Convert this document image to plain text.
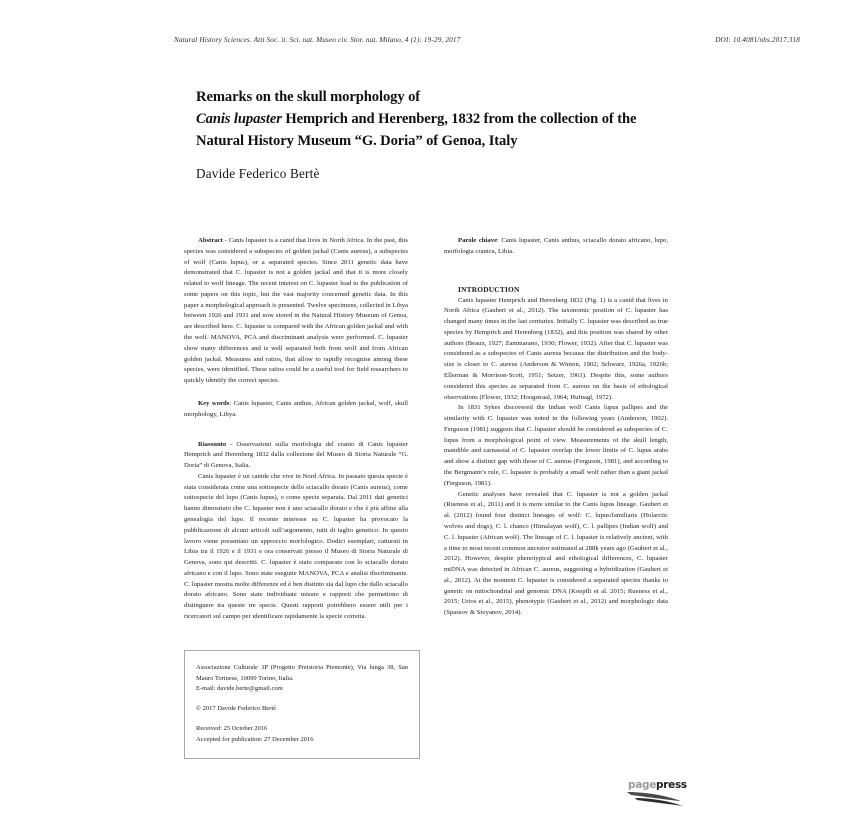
Natural History Sciences. Atti Soc. it. Sci. nat. Museo civ. Stor. nat. Milano, 4 (1): 19-29, 2017	DOI: 10.4081/nhs.2017.318
Remarks on the skull morphology of
Canis lupaster Hemprich and Herenberg, 1832 from the collection of the
Natural History Museum “G. Doria” of Genoa, Italy
Davide Federico Bertè

Abstract - Canis lupaster is a canid that lives in North Africa. In the past, this species was considered a subspecies of golden jackal (Canis aureus), a subspecies of wolf (Canis lupus), or a separated species. Since 2011 genetic data have demonstrated that C. lupaster is not a golden jackal and that it is more closely related to wolf lineage. The recent interest on C. lupaster lead to the publication of some papers on this topic, but the vast majority concerned genetic data. In this paper a morphological approach is presented. Twelve specimens, collected in Libya between 1926 and 1931 and now stored in the Natural History Museum of Genoa, are described here. C. lupaster is compared with the African golden jackal and with the wolf. MANOVA, PCA and discriminant analysis were performed. C. lupaster show many differences and is well separated both from wolf and from African golden jackal. Measures and ratios, that allow to rapidly recognise among these species, were identified. These ratios could be a useful tool for field researchers to quickly identify the correct species.

Key words: Canis lupaster, Canis anthus, African golden jackal, wolf, skull morphology, Libya.

Riassunto - Osservazioni sulla morfologia del cranio di Canis lupaster Hemprich and Herenberg 1832 dalla collezione del Museo di Storia Naturale “G. Doria” di Genova, Italia.

Canis lupaster è un canide che vive in Nord Africa. In passato questa specie è stata considerata come una sottospecie dello sciacallo dorato (Canis aureus), come sottospecie del lupo (Canis lupus), o come specie separata. Dal 2011 dati genetici hanno dimostrato che C. lupaster non è uno sciacallo dorato e che è più affine alla genealogia del lupo. Il recente interesse su C. lupaster ha provocato la pubblicazione di alcuni articoli sull’argomento, tutti di taglio genetico. In questo lavoro viene presentato un approccio morfologico. Dodici esemplari, catturati in Libia tra il 1926 e il 1931 e ora conservati presso il Museo di Storia Naturale di Genova, sono qui descritti. C. lupaster è stato comparato con lo sciacallo dorato africano e con il lupo. Sono state eseguite MANOVA, PCA e analisi discriminante. C. lupaster mostra molte differenze ed è ben distinto sia dal lupo che dallo sciacallo dorato africano. Sono state individuate misure e rapporti che permettono di distinguere tra queste tre specie. Questi rapporti potrebbero essere utili per i ricercatori sul campo per identificare rapidamente la specie corretta.

Parole chiave: Canis lupaster, Canis anthus, sciacallo dorato africano, lupo, morfologia cranica, Libia.

INTRODUCTION

Canis lupaster Hemprich and Herenberg 1832 (Fig. 1) is a canid that lives in North Africa (Gaubert et al., 2012). The taxonomic position of C. lupaster has changed many times in the last centuries. Initially C. lupaster was described as true species by Hemprich and Herenberg (1832), and this position was shared by other authors (Beaux, 1927; Zammarano, 1930; Flower, 1932). After that C. lupaster was considered as a subspecies of Canis aureus because the distribution and the body-size is closer to C. aureus (Anderson & Winton, 1902; Schwarz, 1926a, 1926b; Ellerman & Morrison-Scott, 1951; Setzer, 1961). Despite this, some authors considered this species as separated from C. aureus on the basis of ethological observations (Flower, 1932; Hoogstraal, 1964; Hufnagl, 1972).

In 1831 Sykes discovered the Indian wolf Canis lupus pallipes and the similarity with C. lupaster was noted in the following years (Anderson, 1902). Ferguson (1981) suggests that C. lupaster should be considered as subspecies of C. lupus from a morphological point of view. Measurements of the skull length, mandible and carnassial of C. lupaster overlap the lower limits of C. lupus arabs and show a distinct gap with those of C. aureus (Ferguson, 1981), and according to the Bergmann’s rule, C. lupaster is probably a small wolf rather than a giant jackal (Ferguson, 1981).

Genetic analyses have revealed that C. lupaster is not a golden jackal (Rueness et al., 2011) and it is more similar to the Canis lupus lineage. Gaubert et al. (2012) found four distinct lineages of wolf: C. lupus/familiaris (Holarctic wolves and dogs), C. l. chanco (Himalayan wolf), C. l. pallipes (Indian wolf) and C. l. lupaster (African wolf). The lineage of C. l. lupaster is relatively ancient, with a time to most recent common ancestor estimated at 288k years ago (Gaubert et al., 2012). However, despite phenotypical and ethological differences, C. lupaster mtDNA was detected in African C. aureus, suggesting a hybridization (Gaubert et al., 2012). At the moment C. lupaster is considered a separated species thanks to genetic on mitochondrial and genomic DNA (Koepfli et al. 2015; Rueness et al., 2015; Urios et al., 2015), phenotypic (Gaubert et al., 2012) and morphologic data (Spassov & Stoyanov, 2014).

Associazione Culturale 3P (Progetto Preistoria Piemonte), Via lunga 38, San Mauro Torinese, 10099 Torino, Italia.
E-mail: davide.berte@gmail.com
© 2017 Davide Federico Bertè
Received: 25 October 2016
Accepted for publication: 27 December 2016
pagepress
